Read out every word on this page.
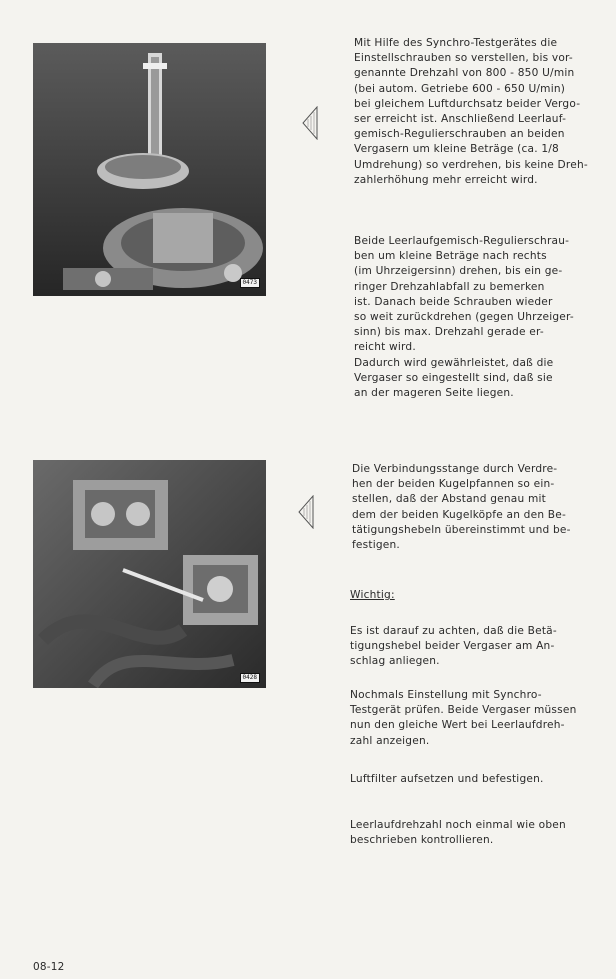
0473
0428
Mit Hilfe des Synchro-Testgerätes die
Einstellschrauben so verstellen, bis vor-
genannte Drehzahl von 800 - 850 U/min
(bei autom. Getriebe 600 - 650 U/min)
bei gleichem Luftdurchsatz beider Vergo-
ser erreicht ist. Anschließend Leerlauf-
gemisch-Regulierschrauben an beiden
Vergasern um kleine Beträge (ca. 1/8
Umdrehung) so verdrehen, bis keine Dreh-
zahlerhöhung mehr erreicht wird.
Beide Leerlaufgemisch-Regulierschrau-
ben um kleine Beträge nach rechts
(im Uhrzeigersinn) drehen, bis ein ge-
ringer Drehzahlabfall zu bemerken
ist. Danach beide Schrauben wieder
so weit zurückdrehen (gegen Uhrzeiger-
sinn) bis max. Drehzahl gerade er-
reicht wird.
Dadurch wird gewährleistet, daß die
Vergaser so eingestellt sind, daß sie
an der mageren Seite liegen.
Die Verbindungsstange durch Verdre-
hen der beiden Kugelpfannen so ein-
stellen, daß der Abstand genau mit
dem der beiden Kugelköpfe an den Be-
tätigungshebeln übereinstimmt und be-
festigen.
Wichtig:
Es ist darauf zu achten, daß die Betä-
tigungshebel beider Vergaser am An-
schlag anliegen.
Nochmals Einstellung mit Synchro-
Testgerät prüfen. Beide Vergaser müssen
nun den gleiche Wert bei Leerlaufdreh-
zahl anzeigen.
Luftfilter aufsetzen und befestigen.
Leerlaufdrehzahl noch einmal wie oben
beschrieben kontrollieren.
08-12
